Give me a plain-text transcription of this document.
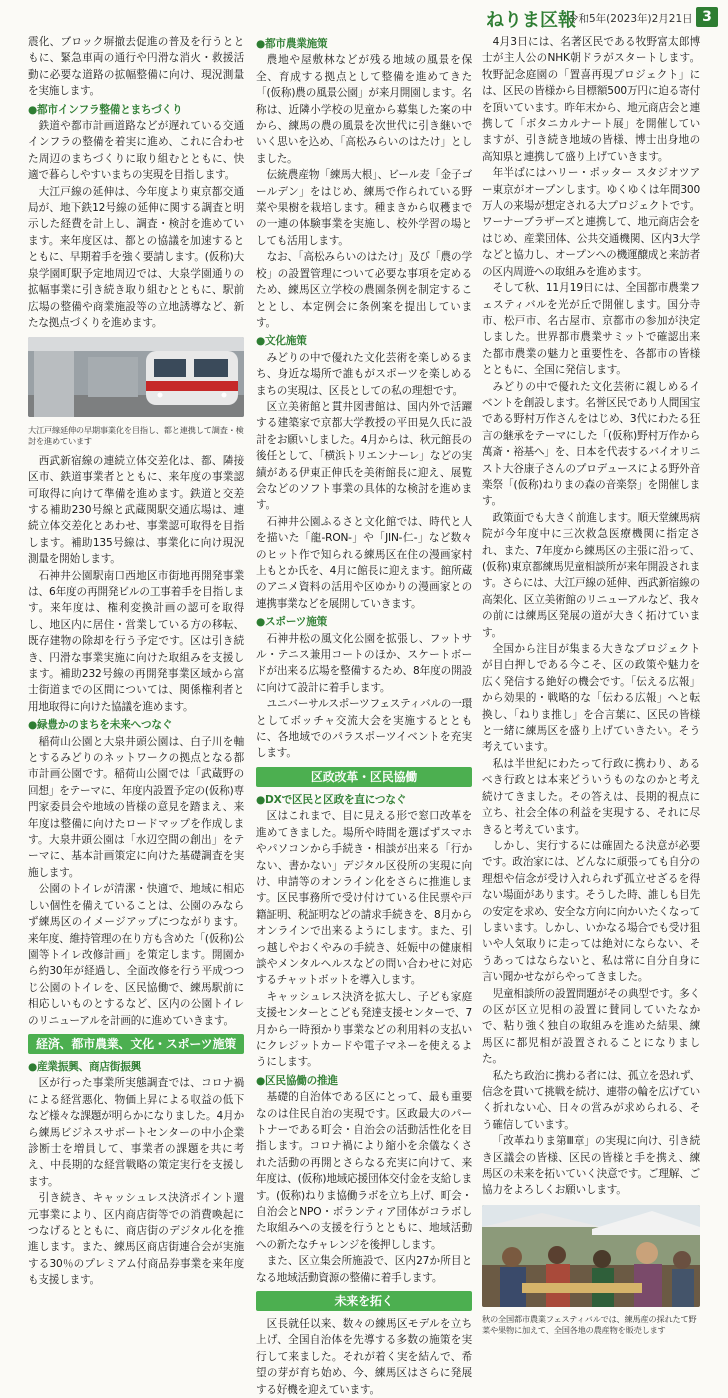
ねりま区報
令和5年(2023年)2月21日 3

震化、ブロック塀撤去促進の普及を行うとともに、緊急車両の通行や円滑な消火・救援活動に必要な道路の拡幅整備に向け、現況測量を実施します。

●都市インフラ整備とまちづくり

鉄道や都市計画道路などが遅れている交通インフラの整備を着実に進め、これに合わせた周辺のまちづくりに取り組むとともに、快適で暮らしやすいまちの実現を目指します。

大江戸線の延伸は、今年度より東京都交通局が、地下鉄12号線の延伸に関する調査と明示した経費を計上し、調査・検討を進めています。来年度区は、都との協議を加速するとともに、早期着手を強く要請します。(仮称)大泉学園町駅予定地周辺では、大泉学園通りの拡幅事業に引き続き取り組むとともに、駅前広場の整備や商業施設等の立地誘導など、新たな拠点づくりを進めます。

大江戸線延伸の早期事業化を目指し、都と連携して調査・検討を進めています

西武新宿線の連続立体交差化は、都、隣接区市、鉄道事業者とともに、来年度の事業認可取得に向けて準備を進めます。鉄道と交差する補助230号線と武蔵関駅交通広場は、連続立体交差化とあわせ、事業認可取得を目指します。補助135号線は、事業化に向け現況測量を開始します。

石神井公園駅南口西地区市街地再開発事業は、6年度の再開発ビルの工事着手を目指します。来年度は、権利変換計画の認可を取得し、地区内に居住・営業している方の移転、既存建物の除却を行う予定です。区は引き続き、円滑な事業実施に向けた取組みを支援します。補助232号線の再開発事業区域から富士街道までの区間については、関係権利者と用地取得に向けた協議を進めます。

●緑豊かのまちを未来へつなぐ

稲荷山公園と大泉井頭公園は、白子川を軸とするみどりのネットワークの拠点となる都市計画公園です。稲荷山公園では「武蔵野の回想」をテーマに、年度内設置予定の(仮称)専門家委員会や地域の皆様の意見を踏まえ、来年度は整備に向けたロードマップを作成します。大泉井頭公園は「水辺空間の創出」をテーマに、基本計画策定に向けた基礎調査を実施します。

公園のトイレが清潔・快適で、地域に相応しい個性を備えていることは、公園のみならず練馬区のイメージアップにつながります。来年度、維持管理の在り方も含めた「(仮称)公園等トイレ改修計画」を策定します。開園から約30年が経過し、全面改修を行う平成つつじ公園のトイレを、区民協働で、練馬駅前に相応しいものとするなど、区内の公園トイレのリニューアルを計画的に進めていきます。

経済、都市農業、文化・スポーツ施策
●産業振興、商店街振興

区が行った事業所実態調査では、コロナ禍による経営悪化、物価上昇による収益の低下など様々な課題が明らかになりました。4月から練馬ビジネスサポートセンターの中小企業診断士を増員して、事業者の課題を共に考え、中長期的な経営戦略の策定実行を支援します。

引き続き、キャッシュレス決済ポイント還元事業により、区内商店街等での消費喚起につなげるとともに、商店街のデジタル化を推進します。また、練馬区商店街連合会が実施する30％のプレミアム付商品券事業を来年度も支援します。

●都市農業施策

農地や屋敷林などが残る地域の風景を保全、育成する拠点として整備を進めてきた「(仮称)農の風景公園」が来月開園します。名称は、近隣小学校の児童から募集した案の中から、練馬の農の風景を次世代に引き継いでいく思いを込め、「高松みらいのはたけ」としました。

伝統農産物「練馬大根」、ビール麦「金子ゴールデン」をはじめ、練馬で作られている野菜や果樹を栽培します。種まきから収穫までの一連の体験事業を実施し、校外学習の場としても活用します。

なお、「高松みらいのはたけ」及び「農の学校」の設置管理について必要な事項を定めるため、練馬区立学校の農園条例を制定することとし、本定例会に条例案を提出しています。

●文化施策

みどりの中で優れた文化芸術を楽しめるまち、身近な場所で誰もがスポーツを楽しめるまちの実現は、区長としての私の理想です。

区立美術館と貫井図書館は、国内外で活躍する建築家で京都大学教授の平田晃久氏に設計をお願いしました。4月からは、秋元館長の後任として、「横浜トリエンナーレ」などの実績がある伊東正伸氏を美術館長に迎え、展覧会などのソフト事業の具体的な検討を進めます。

石神井公園ふるさと文化館では、時代と人を描いた「龍-RON-」や「JIN-仁-」など数々のヒット作で知られる練馬区在住の漫画家村上もとか氏を、4月に館長に迎えます。館所蔵のアニメ資料の活用や区ゆかりの漫画家との連携事業などを展開していきます。

●スポーツ施策

石神井松の風文化公園を拡張し、フットサル・テニス兼用コートのほか、スケートボードが出来る広場を整備するため、8年度の開設に向けて設計に着手します。

ユニバーサルスポーツフェスティバルの一環としてボッチャ交流大会を実施するとともに、各地域でのパラスポーツイベントを充実します。

区政改革・区民協働
●DXで区民と区政を直につなぐ

区はこれまで、目に見える形で窓口改革を進めてきました。場所や時間を選ばずスマホやパソコンから手続き・相談が出来る「行かない、書かない」デジタル区役所の実現に向け、申請等のオンライン化をさらに推進します。区民事務所で受け付けている住民票や戸籍証明、税証明などの請求手続きを、8月からオンラインで出来るようにします。また、引っ越しやおくやみの手続き、妊娠中の健康相談やメンタルヘルスなどの問い合わせに対応するチャットボットを導入します。

キャッシュレス決済を拡大し、子ども家庭支援センターとこども発達支援センターで、7月から一時預かり事業などの利用料の支払いにクレジットカードや電子マネーを使えるようにします。

●区民協働の推進

基礎的自治体である区にとって、最も重要なのは住民自治の実現です。区政最大のパートナーである町会・自治会の活動活性化を目指します。コロナ禍により縮小を余儀なくされた活動の再開とさらなる充実に向けて、来年度は、(仮称)地域応援団体交付金を支給します。(仮称)ねりま協働ラボを立ち上げ、町会・自治会とNPO・ボランティア団体がコラボした取組みへの支援を行うとともに、地域活動への新たなチャレンジを後押しします。

また、区立集会所施設で、区内27か所目となる地域活動資源の整備に着手します。

未来を拓く

区長就任以来、数々の練馬区モデルを立ち上げ、全国自治体を先導する多数の施策を実行して来ました。それが着く実を結んで、希望の芽が育ち始め、今、練馬区はさらに発展する好機を迎えています。

4月3日には、名著区民である牧野富太郎博士が主人公のNHK朝ドラがスタートします。牧野記念庭園の「置喜再現プロジェクト」には、区民の皆様から目標額500万円に迫る寄付を頂いています。昨年末から、地元商店会と連携して「ボタニカルナート展」を開催していますが、引き続き地域の皆様、博士出身地の高知県と連携して盛り上げていきます。

年半ばにはハリー・ポッター スタジオツアー東京がオープンします。ゆくゆくは年間300万人の来場が想定される大プロジェクトです。ワーナーブラザーズと連携して、地元商店会をはじめ、産業団体、公共交通機関、区内3大学などと協力し、オープンへの機運醸成と来訪者の区内周遊への取組みを進めます。

そして秋、11月19日には、全国都市農業フェスティバルを光が丘で開催します。国分寺市、松戸市、名古屋市、京都市の参加が決定しました。世界都市農業サミットで確認出来た都市農業の魅力と重要性を、各都市の皆様とともに、全国に発信します。

みどりの中で優れた文化芸術に親しめるイベントを創設します。名誉区民であり人間国宝である野村万作さんをはじめ、3代にわたる狂言の継承をテーマにした「(仮称)野村万作から萬斎・裕基へ」を、日本を代表するバイオリニスト大谷康子さんのプロデュースによる野外音楽祭「(仮称)ねりまの森の音楽祭」を開催します。

政策面でも大きく前進します。順天堂練馬病院が今年度中に三次救急医療機関に指定され、また、7年度から練馬区の主張に沿って、(仮称)東京都練馬児童相談所が来年開設されます。さらには、大江戸線の延伸、西武新宿線の高架化、区立美術館のリニューアルなど、我々の前には練馬区発展の道が大きく拓けています。

全国から注目が集まる大きなプロジェクトが目白押しである今こそ、区の政策や魅力を広く発信する絶好の機会です。「伝える広報」から効果的・戦略的な「伝わる広報」へと転換し、「ねりま推し」を合言葉に、区民の皆様と一緒に練馬区を盛り上げていきたい。そう考えています。

私は半世紀にわたって行政に携わり、あるべき行政とは本来どういうものなのかと考え続けてきました。その答えは、長期的視点に立ち、社会全体の利益を実現する、それに尽きると考えています。

しかし、実行するには確固たる決意が必要です。政治家には、どんなに頑張っても自分の理想や信念が受け入れられず孤立せざるを得ない場面があります。そうした時、誰しも目先の安定を求め、安全な方向に向かいたくなってしまいます。しかし、いかなる場合でも受け狙いや人気取りに走っては絶対にならない、そうあってはならないと、私は常に自分自身に言い聞かせながらやってきました。

児童相談所の設置問題がその典型です。多くの区が区立児相の設置に賛同していたなかで、粘り強く独自の取組みを進めた結果、練馬区に都児相が設置されることになりました。

私たち政治に携わる者には、孤立を恐れず、信念を貫いて挑戦を続け、連帯の輪を広げていく折れない心、日々の営みが求められる、そう確信しています。

「改革ねりま第Ⅲ章」の実現に向け、引き続き区議会の皆様、区民の皆様と手を携え、練馬区の未来を拓いていく決意です。ご理解、ご協力をよろしくお願いします。

秋の全国都市農業フェスティバルでは、練馬産の採れたて野菜や果物に加えて、全国各地の農産物を販売します
